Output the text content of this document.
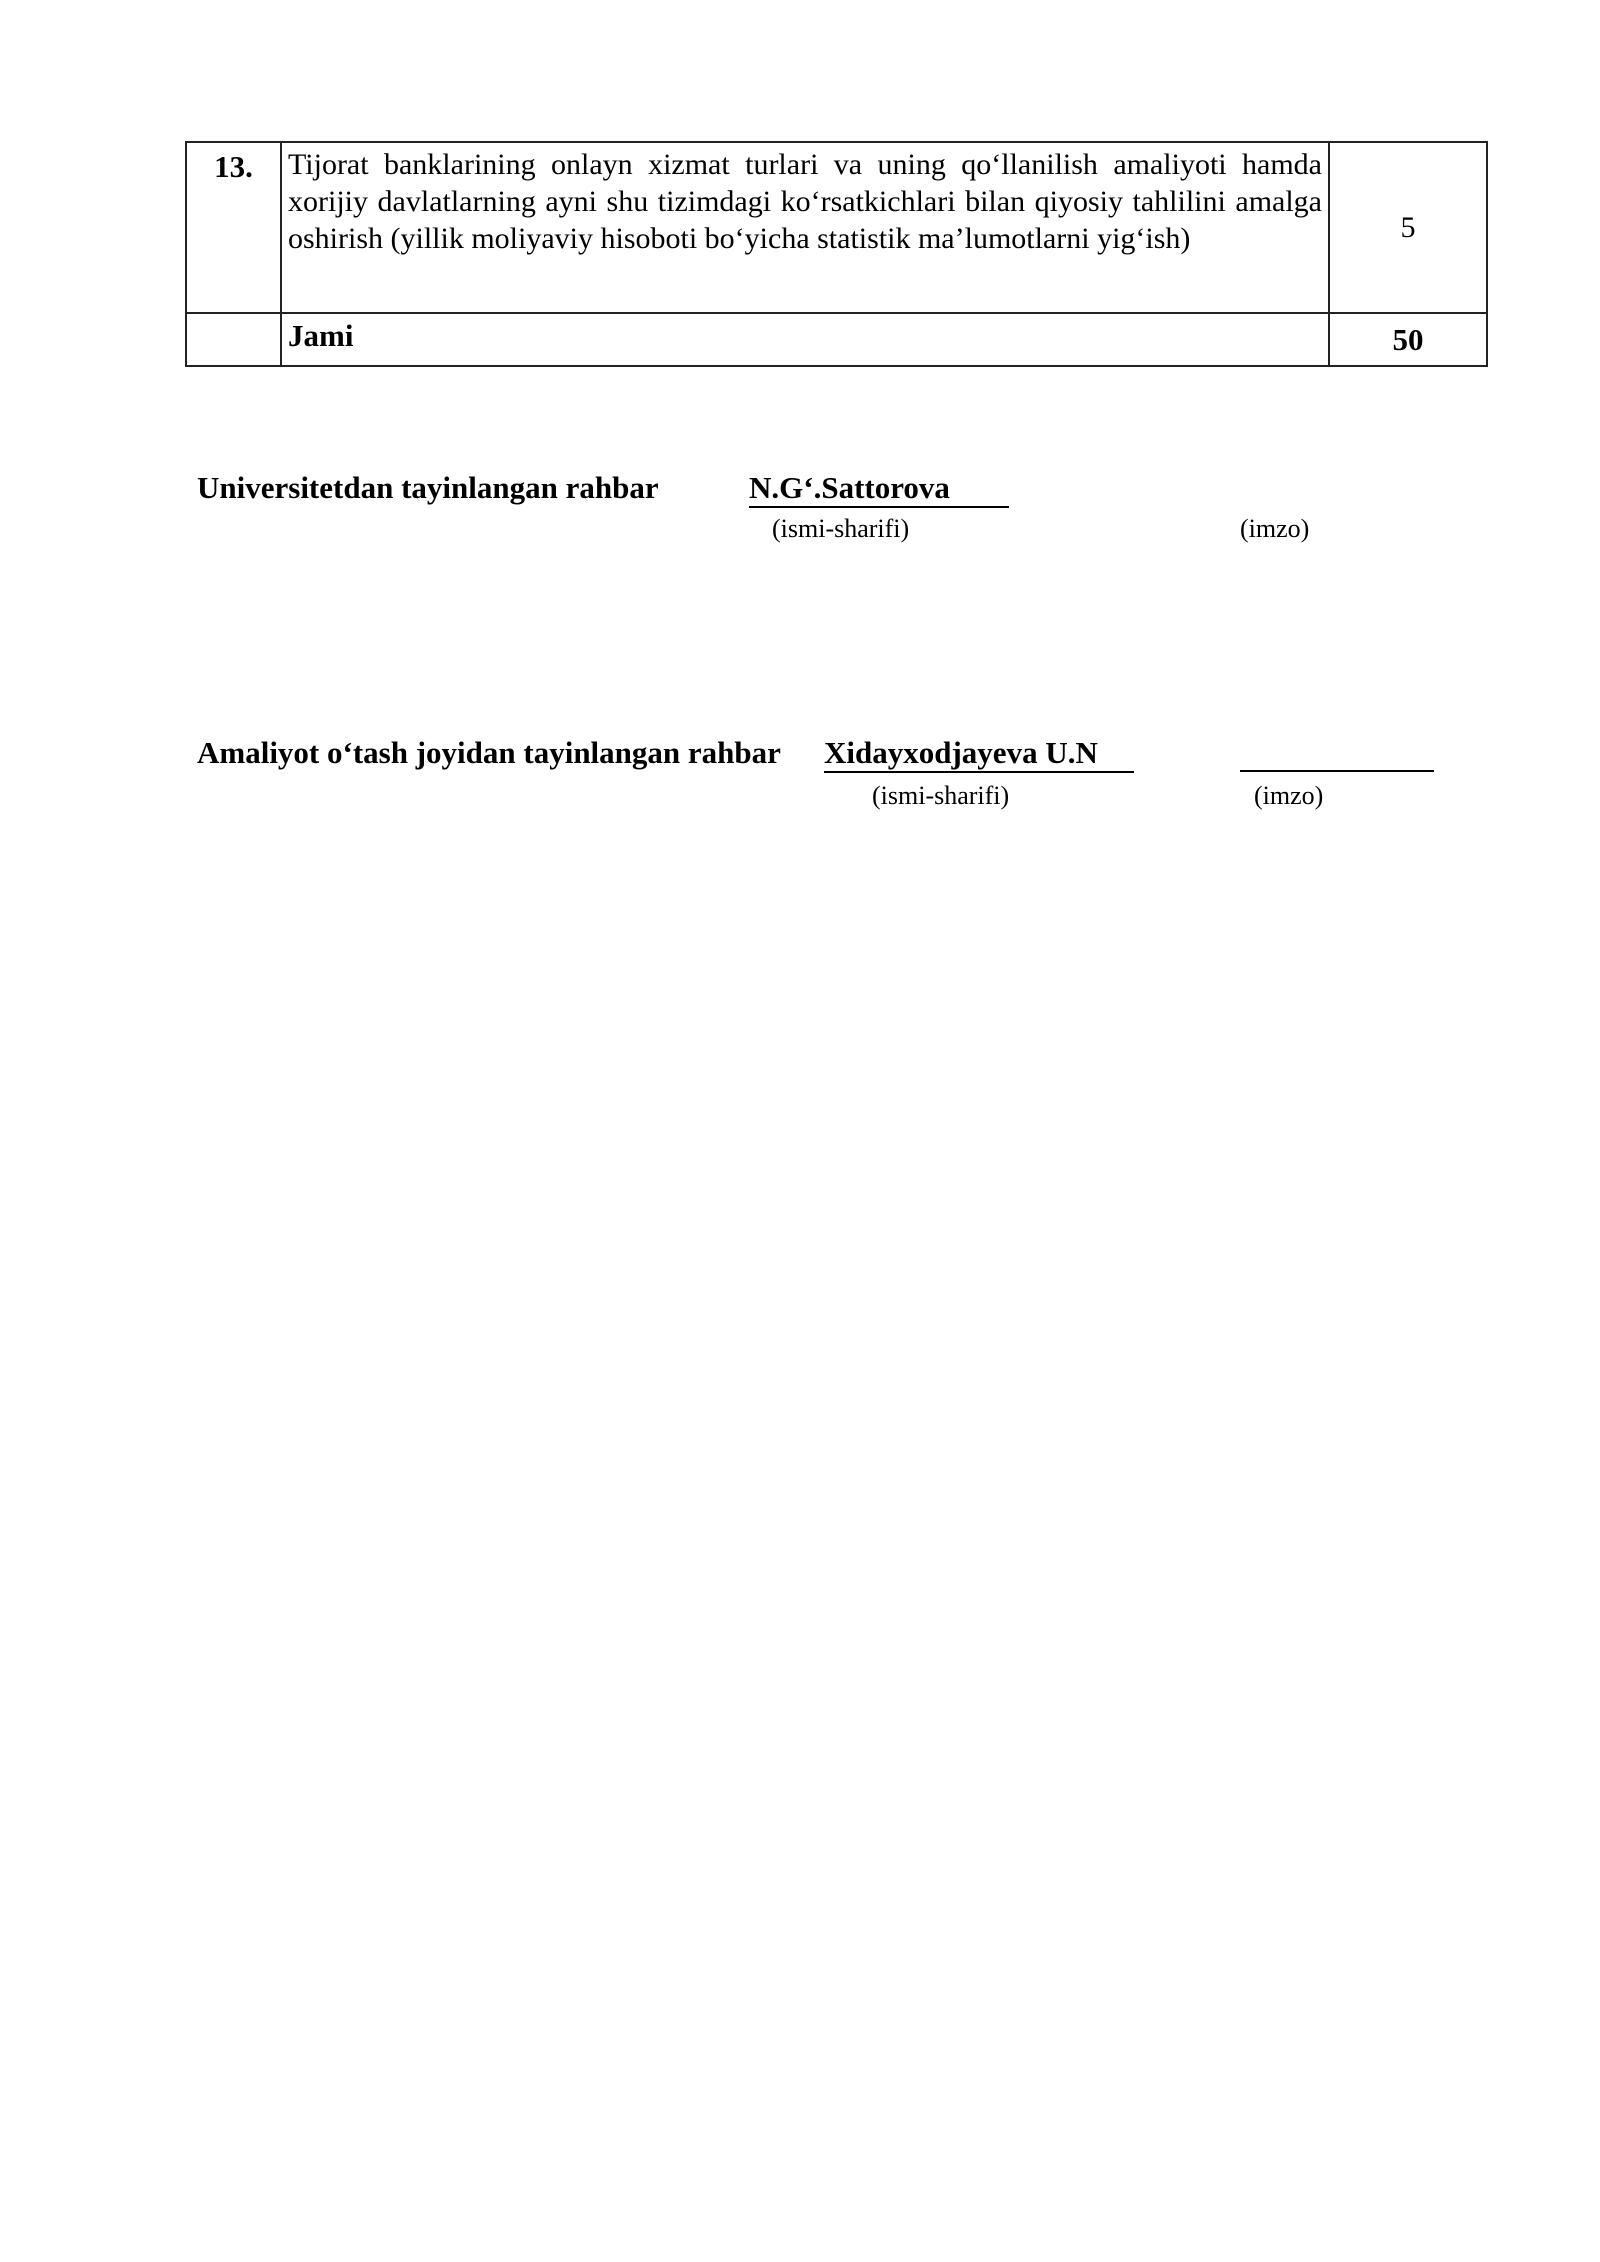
13.	Tijorat banklarining onlayn xizmat turlari va uning qo‘llanilish amaliyoti hamda xorijiy davlatlarning ayni shu tizimdagi ko‘rsatkichlari bilan qiyosiy tahlilini amalga oshirish (yillik moliyaviy hisoboti bo‘yicha statistik ma’lumotlarni yig‘ish)	5
	Jami	50
Universitetdan tayinlangan rahbar	N.G‘.Sattorova
(ismi-sharifi)	(imzo)
Amaliyot o‘tash joyidan tayinlangan rahbar Xidayxodjayeva U.N
(ismi-sharifi)	(imzo)
